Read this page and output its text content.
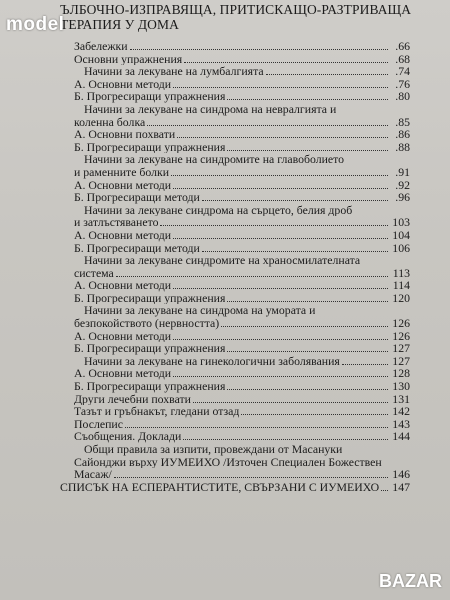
ЪЛБОЧНО-ИЗПРАВЯЩА, ПРИТИСКАЩО-РАЗТРИВАЩА
ТЕРАПИЯ У ДОМА
Забележки	.66
Основни упражнения	.68
Начини за лекуване на лумбалгията	.74
А. Основни методи	.76
Б. Прогресиращи упражнения	.80
Начини за лекуване на синдрома на невралгията и
коленна болка	.85
А. Основни похвати	.86
Б. Прогресиращи упражнения	.88
Начини за лекуване на синдромите на главоболието
и раменните болки	.91
А. Основни методи	.92
Б. Прогресиращи методи	.96
Начини за лекуване синдрома на сърцето, белия дроб
и затлъстяването	103
А. Основни методи	104
Б. Прогресиращи методи	106
Начини за лекуване синдромите на храносмилателната
система	113
А. Основни методи	114
Б. Прогресиращи упражнения	120
Начини за лекуване на синдрома на умората и
безпокойството (нервността)	126
А. Основни методи	126
Б. Прогресиращи упражнения	127
Начини за лекуване на гинекологични заболявания	127
А. Основни методи	128
Б. Прогресиращи упражнения	130
Други лечебни похвати	131
Тазът и гръбнакът, гледани отзад	142
Послепис	143
Съобщения. Доклади	144
Общи правила за изпити, провеждани от Масануки
Сайонджи върху ИУМЕИХО /Източен Специален Божествен
Масаж/	146
СПИСЪК НА ЕСПЕРАНТИСТИТЕ, СВЪРЗАНИ С ИУМЕИХО 147
model
BAZAR
